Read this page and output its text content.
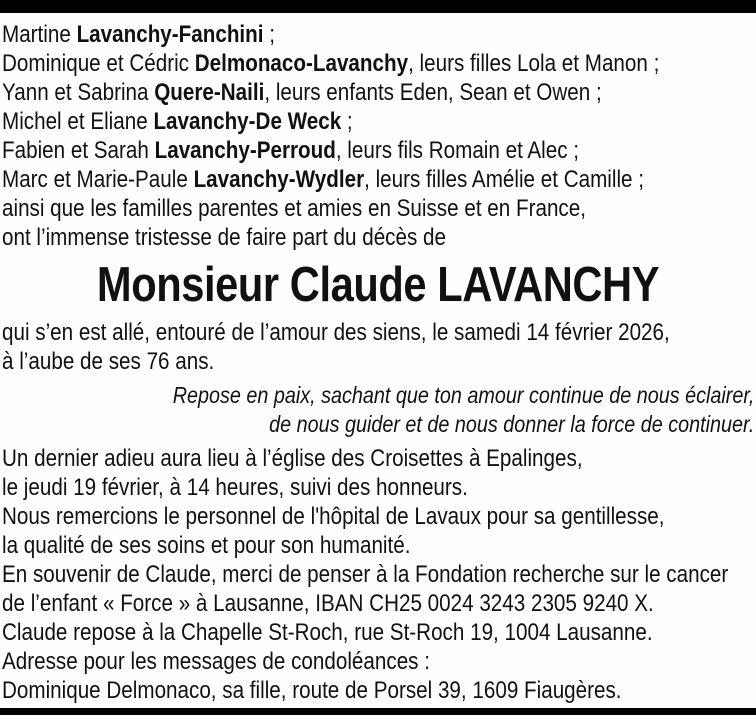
Martine Lavanchy-Fanchini ;
Dominique et Cédric Delmonaco-Lavanchy, leurs filles Lola et Manon ;
Yann et Sabrina Quere-Naili, leurs enfants Eden, Sean et Owen ;
Michel et Eliane Lavanchy-De Weck ;
Fabien et Sarah Lavanchy-Perroud, leurs fils Romain et Alec ;
Marc et Marie-Paule Lavanchy-Wydler, leurs filles Amélie et Camille ;
ainsi que les familles parentes et amies en Suisse et en France,
ont l’immense tristesse de faire part du décès de
Monsieur Claude LAVANCHY
qui s’en est allé, entouré de l’amour des siens, le samedi 14 février 2026,
à l’aube de ses 76 ans.
Repose en paix, sachant que ton amour continue de nous éclairer,
de nous guider et de nous donner la force de continuer.
Un dernier adieu aura lieu à l’église des Croisettes à Epalinges,
le jeudi 19 février, à 14 heures, suivi des honneurs.
Nous remercions le personnel de l'hôpital de Lavaux pour sa gentillesse,
la qualité de ses soins et pour son humanité.
En souvenir de Claude, merci de penser à la Fondation recherche sur le cancer
de l’enfant « Force » à Lausanne, IBAN CH25 0024 3243 2305 9240 X.
Claude repose à la Chapelle St-Roch, rue St-Roch 19, 1004 Lausanne.
Adresse pour les messages de condoléances :
Dominique Delmonaco, sa fille, route de Porsel 39, 1609 Fiaugères.
